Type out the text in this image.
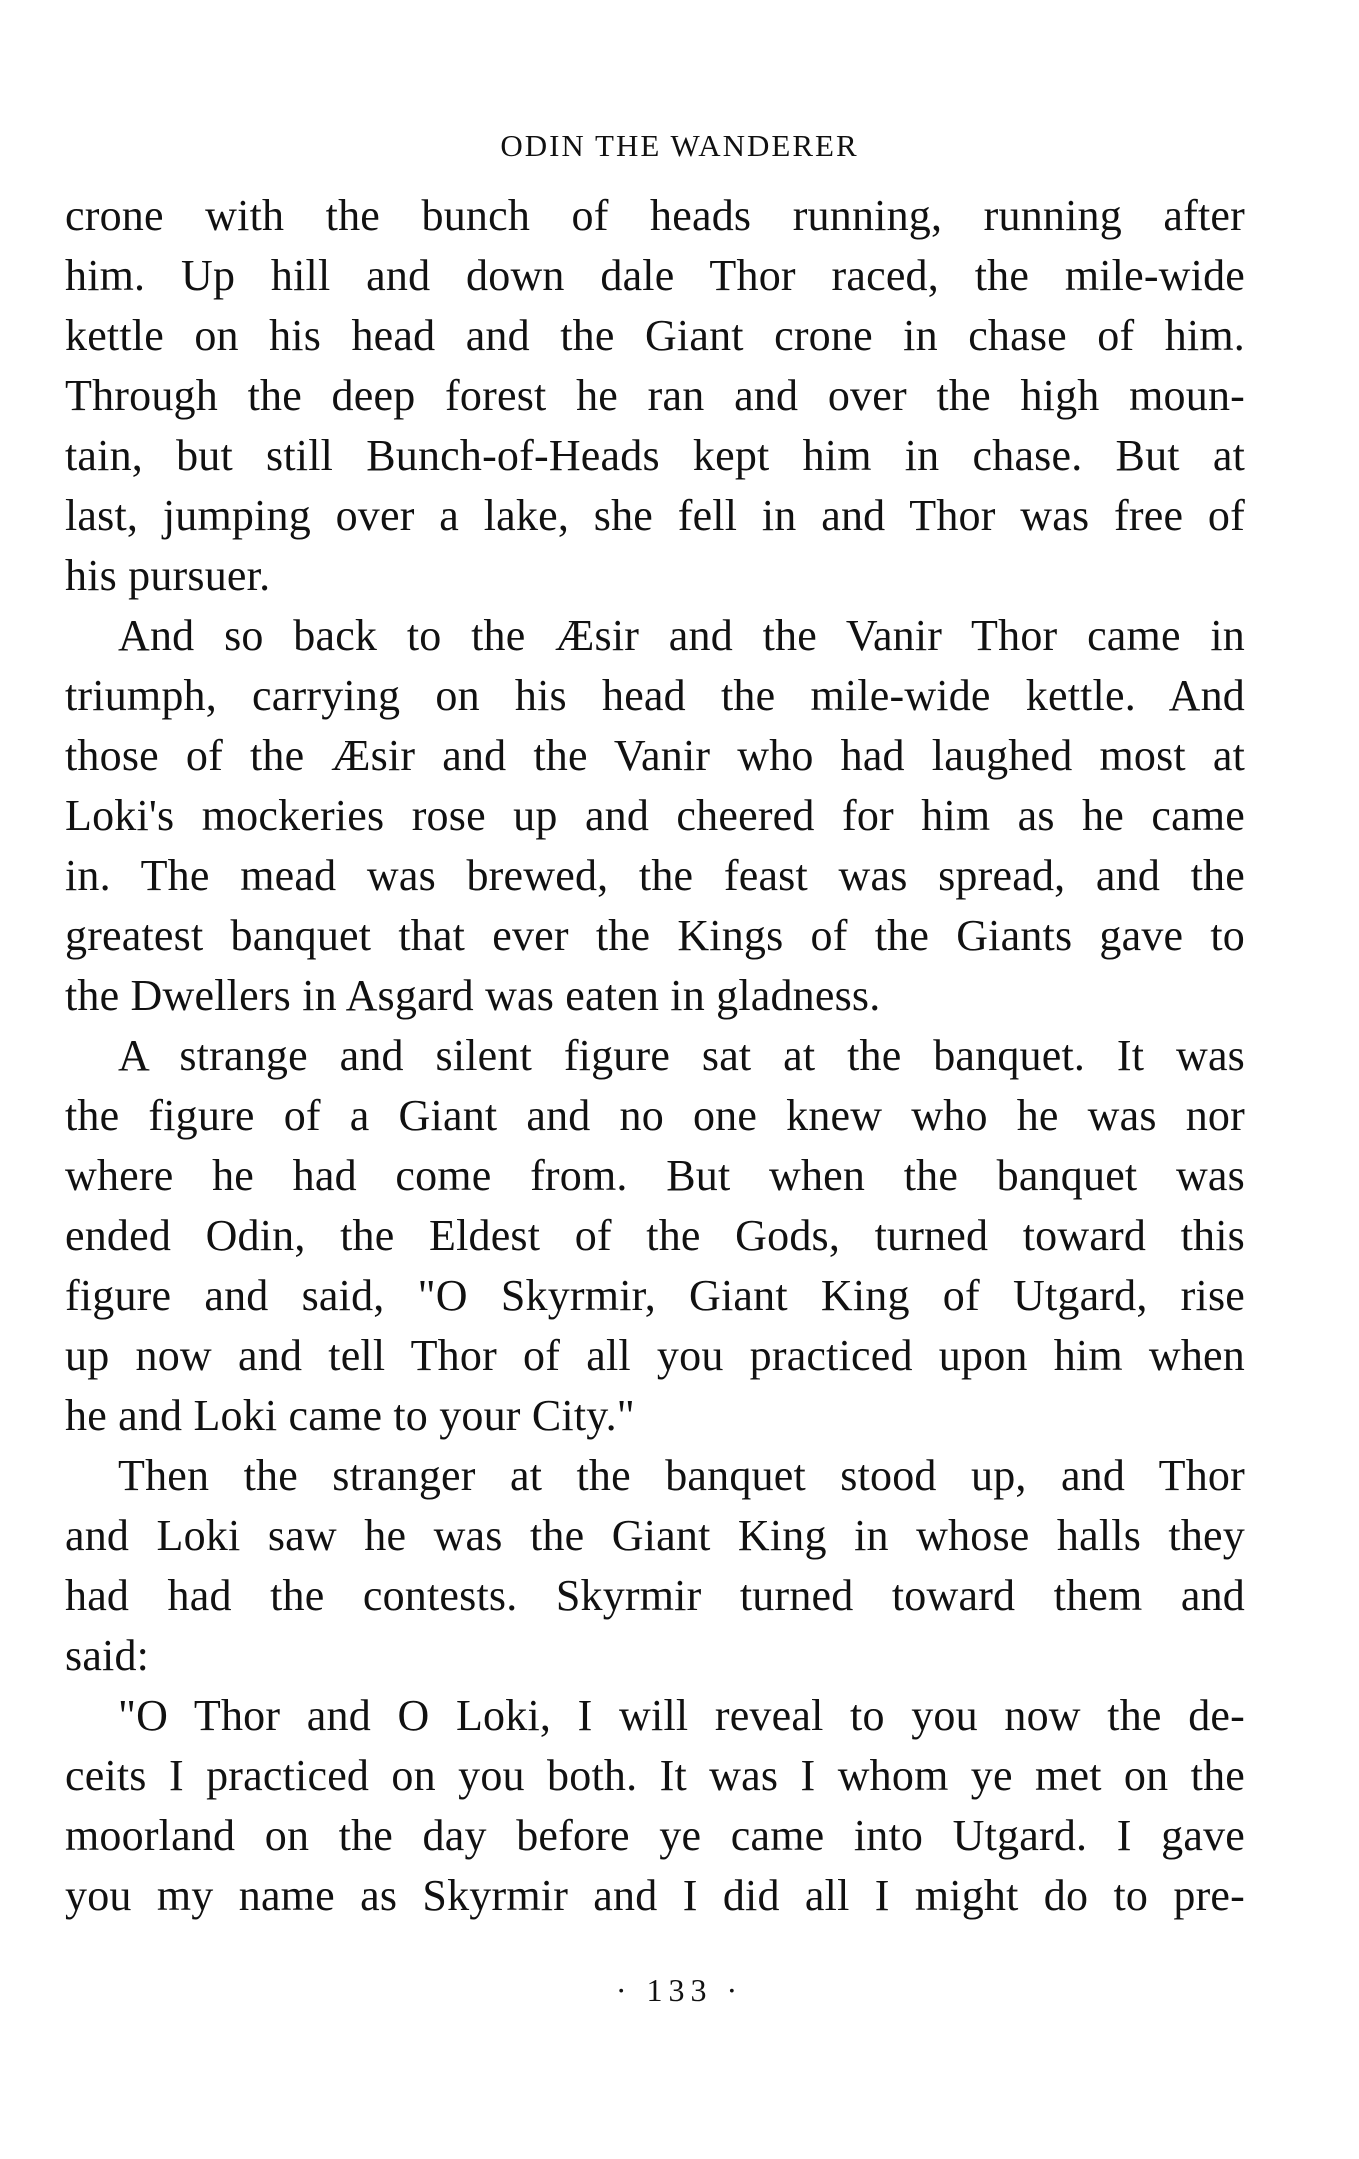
ODIN THE WANDERER
crone with the bunch of heads running, running after
him. Up hill and down dale Thor raced, the mile-wide
kettle on his head and the Giant crone in chase of him.
Through the deep forest he ran and over the high moun-
tain, but still Bunch-of-Heads kept him in chase. But at
last, jumping over a lake, she fell in and Thor was free of
his pursuer.
And so back to the Æsir and the Vanir Thor came in
triumph, carrying on his head the mile-wide kettle. And
those of the Æsir and the Vanir who had laughed most at
Loki's mockeries rose up and cheered for him as he came
in. The mead was brewed, the feast was spread, and the
greatest banquet that ever the Kings of the Giants gave to
the Dwellers in Asgard was eaten in gladness.
A strange and silent figure sat at the banquet. It was
the figure of a Giant and no one knew who he was nor
where he had come from. But when the banquet was
ended Odin, the Eldest of the Gods, turned toward this
figure and said, "O Skyrmir, Giant King of Utgard, rise
up now and tell Thor of all you practiced upon him when
he and Loki came to your City."
Then the stranger at the banquet stood up, and Thor
and Loki saw he was the Giant King in whose halls they
had had the contests. Skyrmir turned toward them and
said:
"O Thor and O Loki, I will reveal to you now the de-
ceits I practiced on you both. It was I whom ye met on the
moorland on the day before ye came into Utgard. I gave
you my name as Skyrmir and I did all I might do to pre-
· 133 ·
